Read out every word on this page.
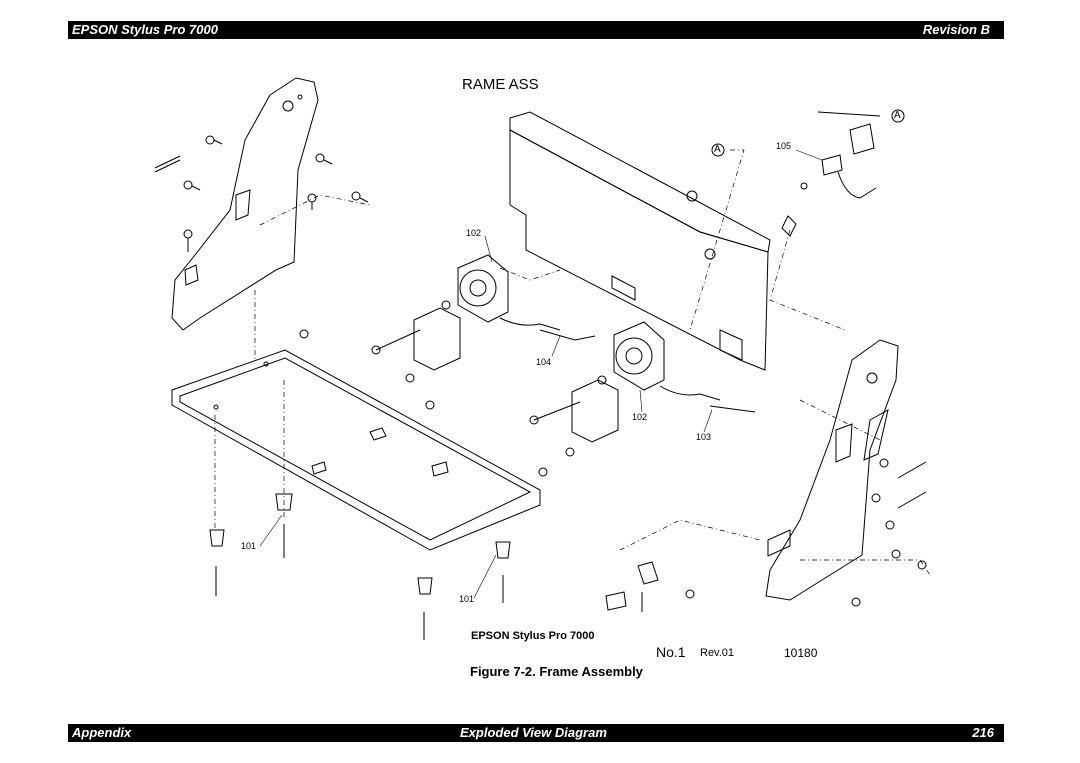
EPSON Stylus Pro 7000	Revision B
RAME ASS
A
A
105
102
104
102
103
101
101
EPSON Stylus Pro 7000
No.1 Rev.01	10180
Figure 7-2. Frame Assembly
Appendix	Exploded View Diagram	216
